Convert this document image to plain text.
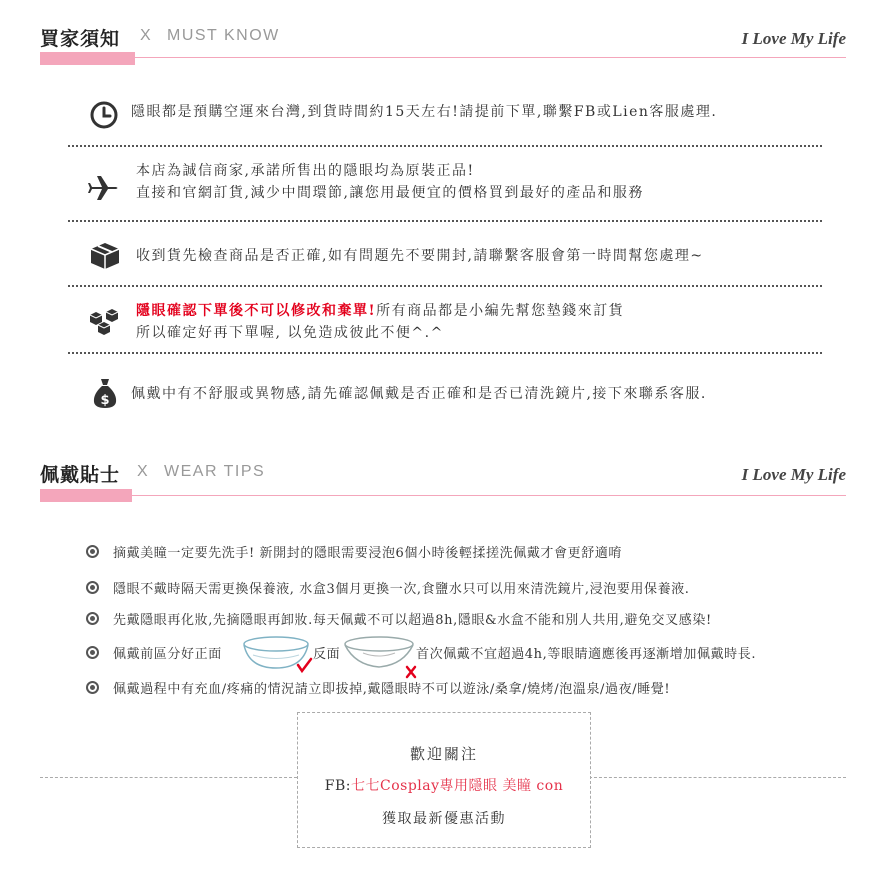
買家須知 X MUST KNOW	I Love My Life
隱眼都是預購空運來台灣,到貨時間約15天左右!請提前下單,聯繫FB或Lien客服處理.
本店為誠信商家,承諾所售出的隱眼均為原裝正品!
直接和官網訂貨,減少中間環節,讓您用最便宜的價格買到最好的產品和服務
收到貨先檢查商品是否正確,如有問題先不要開封,請聯繫客服會第一時間幫您處理~
隱眼確認下單後不可以修改和棄單!所有商品都是小編先幫您墊錢來訂貨
所以確定好再下單喔, 以免造成彼此不便^.^
$ 佩戴中有不舒服或異物感,請先確認佩戴是否正確和是否已清洗鏡片,接下來聯系客服.
佩戴貼士 X WEAR TIPS	I Love My Life
摘戴美瞳一定要先洗手! 新開封的隱眼需要浸泡6個小時後輕揉搓洗佩戴才會更舒適唷
隱眼不戴時隔天需更換保養液, 水盒3個月更換一次,食鹽水只可以用來清洗鏡片,浸泡要用保養液.
先戴隱眼再化妝,先摘隱眼再卸妝.每天佩戴不可以超過8h,隱眼&水盒不能和別人共用,避免交叉感染!
佩戴前區分好正面	反面	首次佩戴不宜超過4h,等眼睛適應後再逐漸增加佩戴時長.
佩戴過程中有充血/疼痛的情況請立即拔掉,戴隱眼時不可以遊泳/桑拿/燒烤/泡溫泉/過夜/睡覺!
歡迎關注
FB:七七Cosplay專用隱眼 美瞳 con
獲取最新優惠活動
